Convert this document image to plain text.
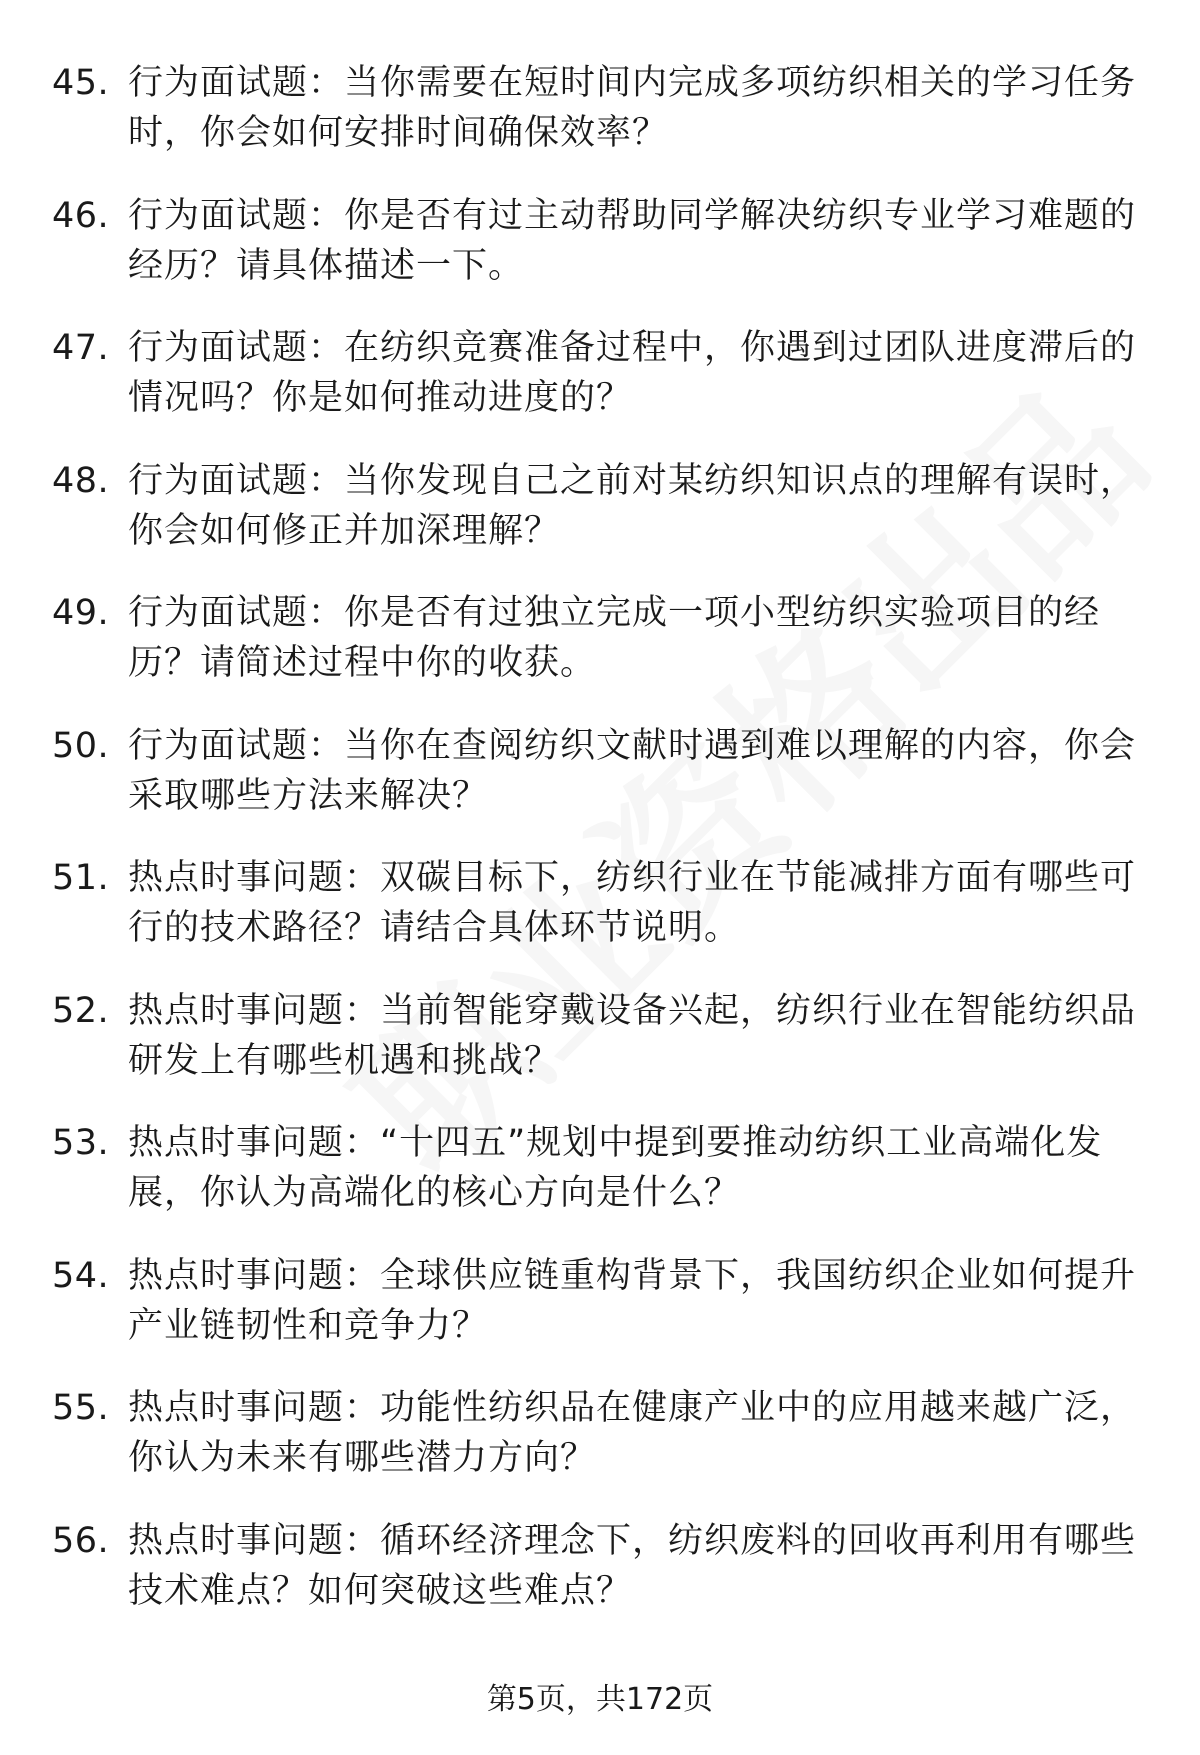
45. 行为面试题：当你需要在短时间内完成多项纺织相关的学习任务时，你会如何安排时间确保效率？
46. 行为面试题：你是否有过主动帮助同学解决纺织专业学习难题的经历？请具体描述一下。
47. 行为面试题：在纺织竞赛准备过程中，你遇到过团队进度滞后的情况吗？你是如何推动进度的？
48. 行为面试题：当你发现自己之前对某纺织知识点的理解有误时，你会如何修正并加深理解？
49. 行为面试题：你是否有过独立完成一项小型纺织实验项目的经历？请简述过程中你的收获。
50. 行为面试题：当你在查阅纺织文献时遇到难以理解的内容，你会采取哪些方法来解决？
51. 热点时事问题：双碳目标下，纺织行业在节能减排方面有哪些可行的技术路径？请结合具体环节说明。
52. 热点时事问题：当前智能穿戴设备兴起，纺织行业在智能纺织品研发上有哪些机遇和挑战？
53. 热点时事问题：“十四五”规划中提到要推动纺织工业高端化发展，你认为高端化的核心方向是什么？
54. 热点时事问题：全球供应链重构背景下，我国纺织企业如何提升产业链韧性和竞争力？
55. 热点时事问题：功能性纺织品在健康产业中的应用越来越广泛，你认为未来有哪些潜力方向？
56. 热点时事问题：循环经济理念下，纺织废料的回收再利用有哪些技术难点？如何突破这些难点？
第5页，共172页
